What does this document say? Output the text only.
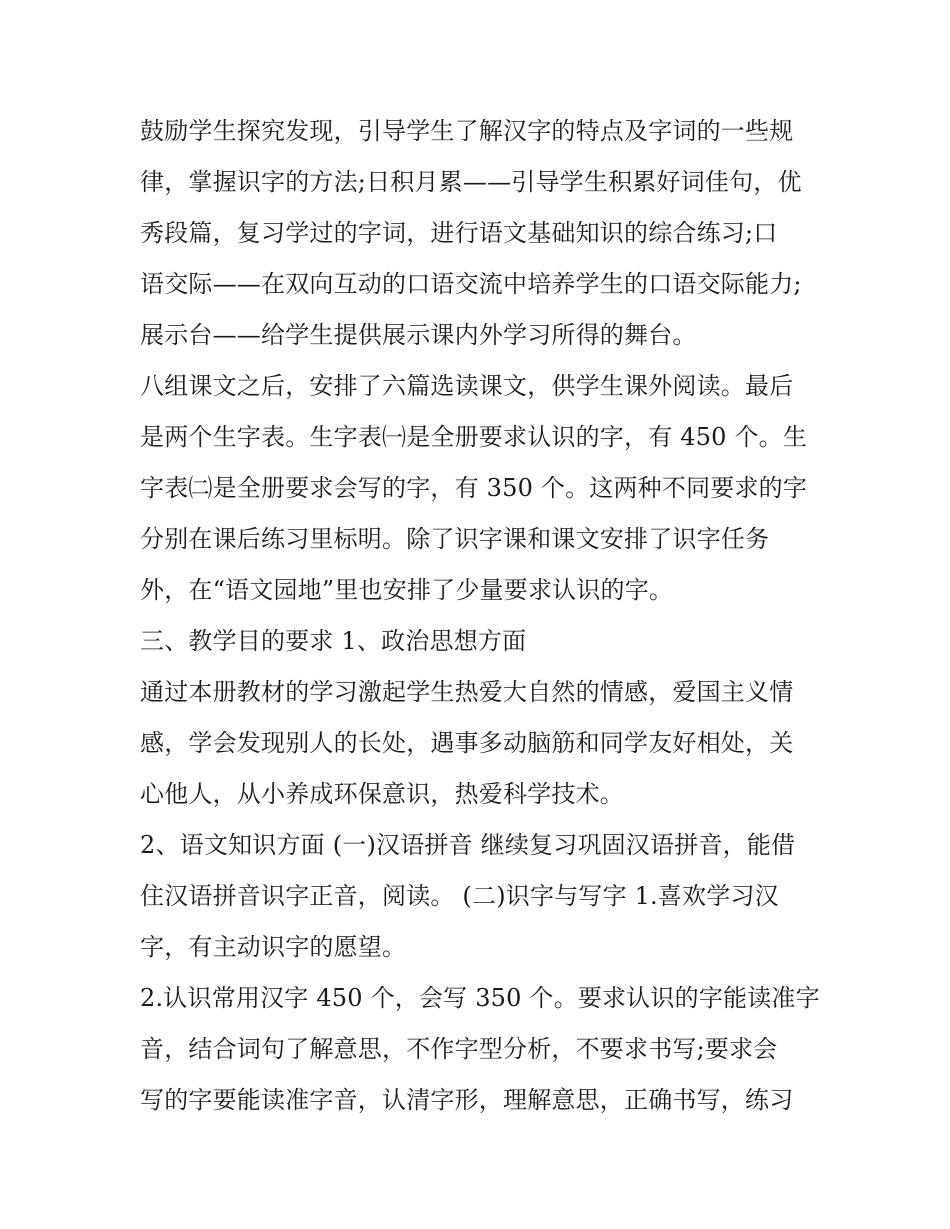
鼓励学生探究发现，引导学生了解汉字的特点及字词的一些规
律，掌握识字的方法;日积月累——引导学生积累好词佳句，优
秀段篇，复习学过的字词，进行语文基础知识的综合练习;口
语交际——在双向互动的口语交流中培养学生的口语交际能力;
展示台——给学生提供展示课内外学习所得的舞台。
八组课文之后，安排了六篇选读课文，供学生课外阅读。最后
是两个生字表。生字表㈠是全册要求认识的字，有 450 个。生
字表㈡是全册要求会写的字，有 350 个。这两种不同要求的字
分别在课后练习里标明。除了识字课和课文安排了识字任务
外，在“语文园地”里也安排了少量要求认识的字。
三、教学目的要求 1、政治思想方面
通过本册教材的学习激起学生热爱大自然的情感，爱国主义情
感，学会发现别人的长处，遇事多动脑筋和同学友好相处，关
心他人，从小养成环保意识，热爱科学技术。
2、语文知识方面 (一)汉语拼音 继续复习巩固汉语拼音，能借
住汉语拼音识字正音，阅读。 (二)识字与写字 1.喜欢学习汉
字，有主动识字的愿望。
2.认识常用汉字 450 个，会写 350 个。要求认识的字能读准字
音，结合词句了解意思，不作字型分析，不要求书写;要求会
写的字要能读准字音，认清字形，理解意思，正确书写，练习
